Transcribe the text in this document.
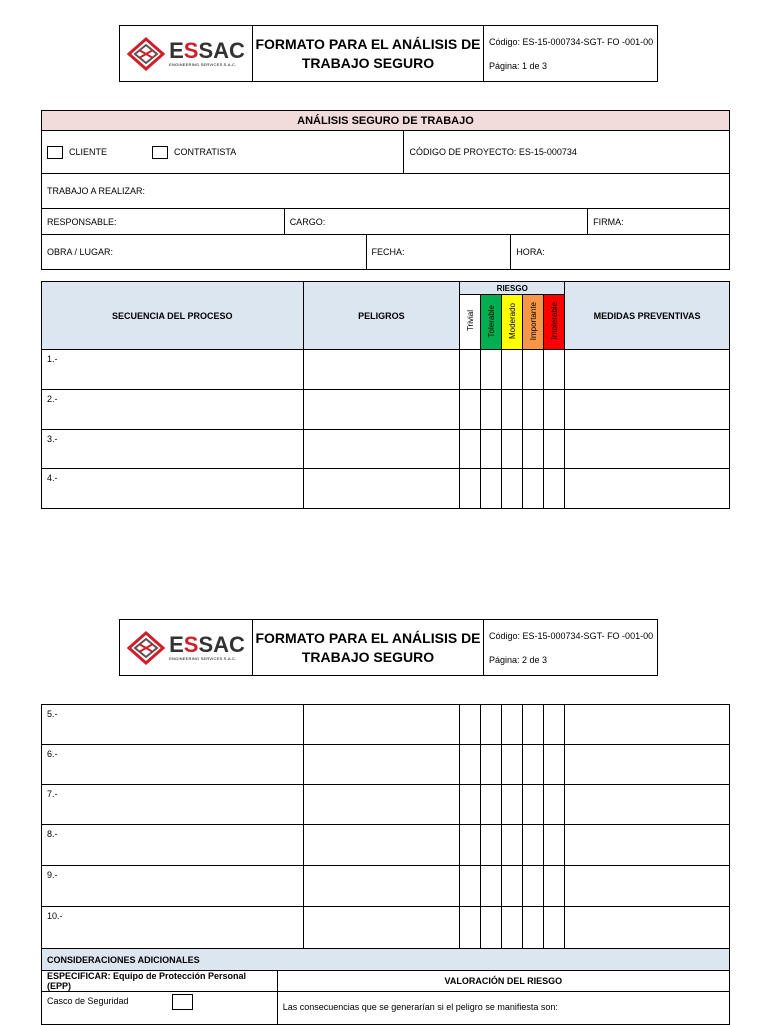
ESSAC
ENGINEERING SERVICES S.A.C.
FORMATO PARA EL ANÁLISIS DE
TRABAJO SEGURO
Código: ES-15-000734-SGT- FO -001-00
Página: 1 de 3
ANÁLISIS SEGURO DE TRABAJO					
CLIENTE CONTRATISTA			CÓDIGO DE PROYECTO: ES-15-000734		
TRABAJO A REALIZAR:					
RESPONSABLE:	CARGO:				FIRMA:
OBRA / LUGAR:		FECHA:		HORA:	
SECUENCIA DEL PROCESO	PELIGROS	RIESGO					MEDIDAS PREVENTIVAS
		Trivial	Tolerable	Moderado	Importante	Intolerable	
1.-							
2.-							
3.-							
4.-							
ESSAC
ENGINEERING SERVICES S.A.C.
FORMATO PARA EL ANÁLISIS DE
TRABAJO SEGURO
Código: ES-15-000734-SGT- FO -001-00
Página: 2 de 3
5.-							
6.-							
7.-							
8.-							
9.-							
10.-							
CONSIDERACIONES ADICIONALES	
ESPECIFICAR: Equipo de Protección Personal (EPP)	VALORACIÓN DEL RIESGO
Casco de Seguridad	Las consecuencias que se generarían si el peligro se manifiesta son:
